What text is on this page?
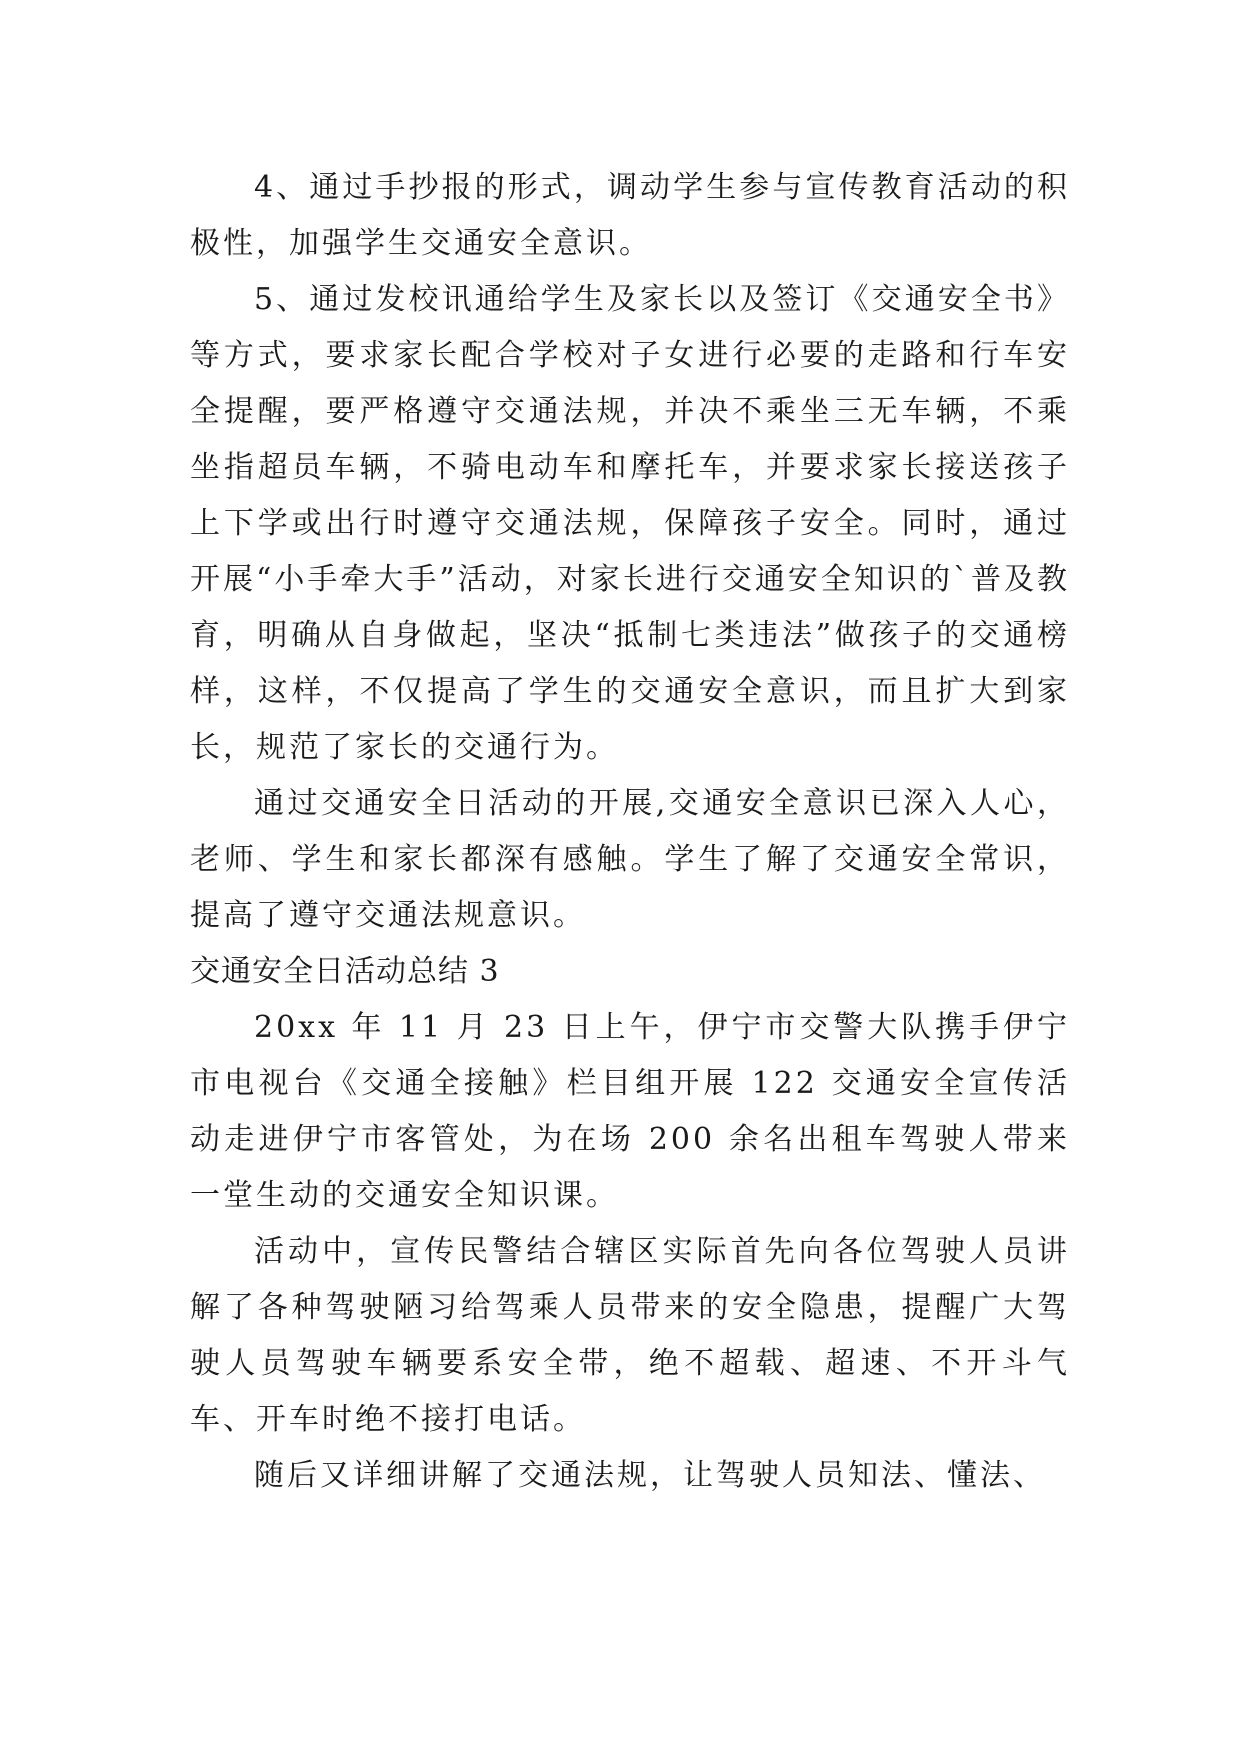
4、通过手抄报的形式，调动学生参与宣传教育活动的积极性，加强学生交通安全意识。

5、通过发校讯通给学生及家长以及签订《交通安全书》等方式，要求家长配合学校对子女进行必要的走路和行车安全提醒，要严格遵守交通法规，并决不乘坐三无车辆，不乘坐指超员车辆，不骑电动车和摩托车，并要求家长接送孩子上下学或出行时遵守交通法规，保障孩子安全。同时，通过开展“小手牵大手”活动，对家长进行交通安全知识的`普及教育，明确从自身做起，坚决“抵制七类违法”做孩子的交通榜样，这样，不仅提高了学生的交通安全意识，而且扩大到家长，规范了家长的交通行为。

通过交通安全日活动的开展,交通安全意识已深入人心，老师、学生和家长都深有感触。学生了解了交通安全常识，提高了遵守交通法规意识。

交通安全日活动总结 3

20xx 年 11 月 23 日上午，伊宁市交警大队携手伊宁市电视台《交通全接触》栏目组开展 122 交通安全宣传活动走进伊宁市客管处，为在场 200 余名出租车驾驶人带来一堂生动的交通安全知识课。

活动中，宣传民警结合辖区实际首先向各位驾驶人员讲解了各种驾驶陋习给驾乘人员带来的安全隐患，提醒广大驾驶人员驾驶车辆要系安全带，绝不超载、超速、不开斗气车、开车时绝不接打电话。

随后又详细讲解了交通法规，让驾驶人员知法、懂法、
